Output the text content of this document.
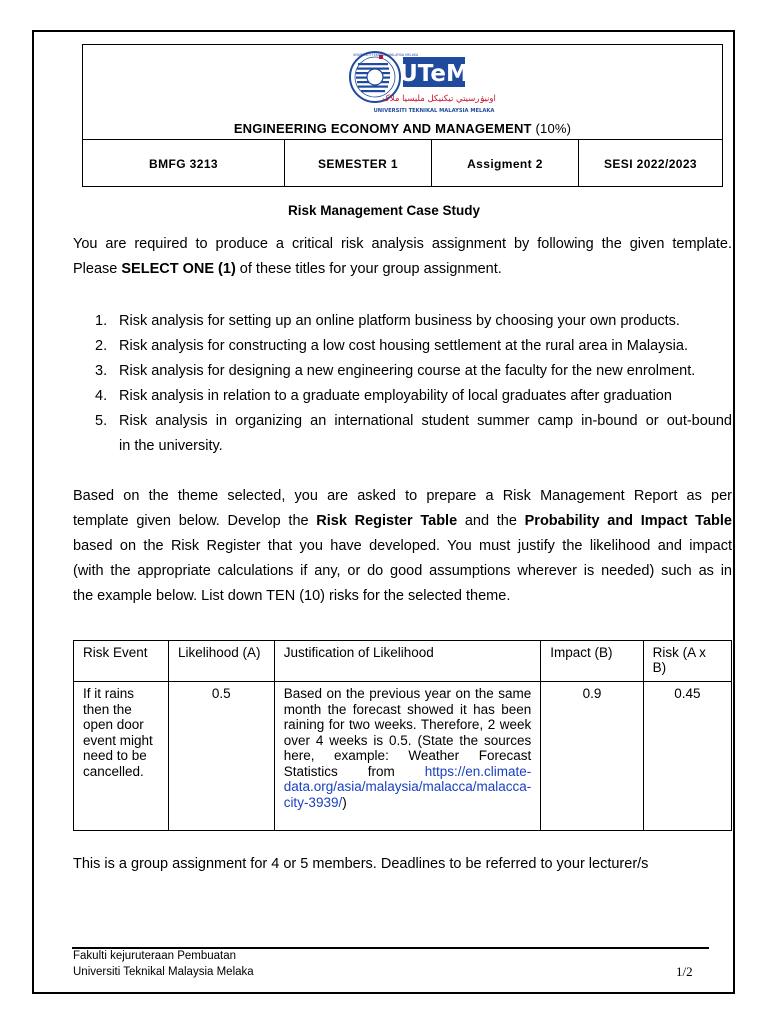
UNIVERSITI TEKNIKAL MALAYSIA MELAKA
UTeM
اونيۏرسيتي تيکنيکل مليسيا ملاک
UNIVERSITI TEKNIKAL MALAYSIA MELAKA
ENGINEERING ECONOMY AND MANAGEMENT (10%)
BMFG 3213	SEMESTER 1	Assigment 2	SESI 2022/2023
Risk Management Case Study
You are required to produce a critical risk analysis assignment by following the given template.
Please SELECT ONE (1) of these titles for your group assignment.
1. Risk analysis for setting up an online platform business by choosing your own products.
2. Risk analysis for constructing a low cost housing settlement at the rural area in Malaysia.
3. Risk analysis for designing a new engineering course at the faculty for the new enrolment.
4. Risk analysis in relation to a graduate employability of local graduates after graduation
5. Risk analysis in organizing an international student summer camp in-bound or out-bound
in the university.
Based on the theme selected, you are asked to prepare a Risk Management Report as per
template given below. Develop the Risk Register Table and the Probability and Impact Table
based on the Risk Register that you have developed. You must justify the likelihood and impact
(with the appropriate calculations if any, or do good assumptions wherever is needed) such as in
the example below. List down TEN (10) risks for the selected theme.
Risk Event	Likelihood (A)	Justification of Likelihood	Impact (B)	Risk (A x B)
If it rains then the open door event might need to be cancelled.	0.5	Based on the previous year on the same month the forecast showed it has been raining for two weeks. Therefore, 2 week over 4 weeks is 0.5. (State the sources here, example: Weather Forecast Statistics from https://en.climate-data.org/asia/malaysia/malacca/malacca-city-3939/)	0.9	0.45
This is a group assignment for 4 or 5 members. Deadlines to be referred to your lecturer/s
Fakulti kejuruteraan Pembuatan
Universiti Teknikal Malaysia Melaka	1/2
